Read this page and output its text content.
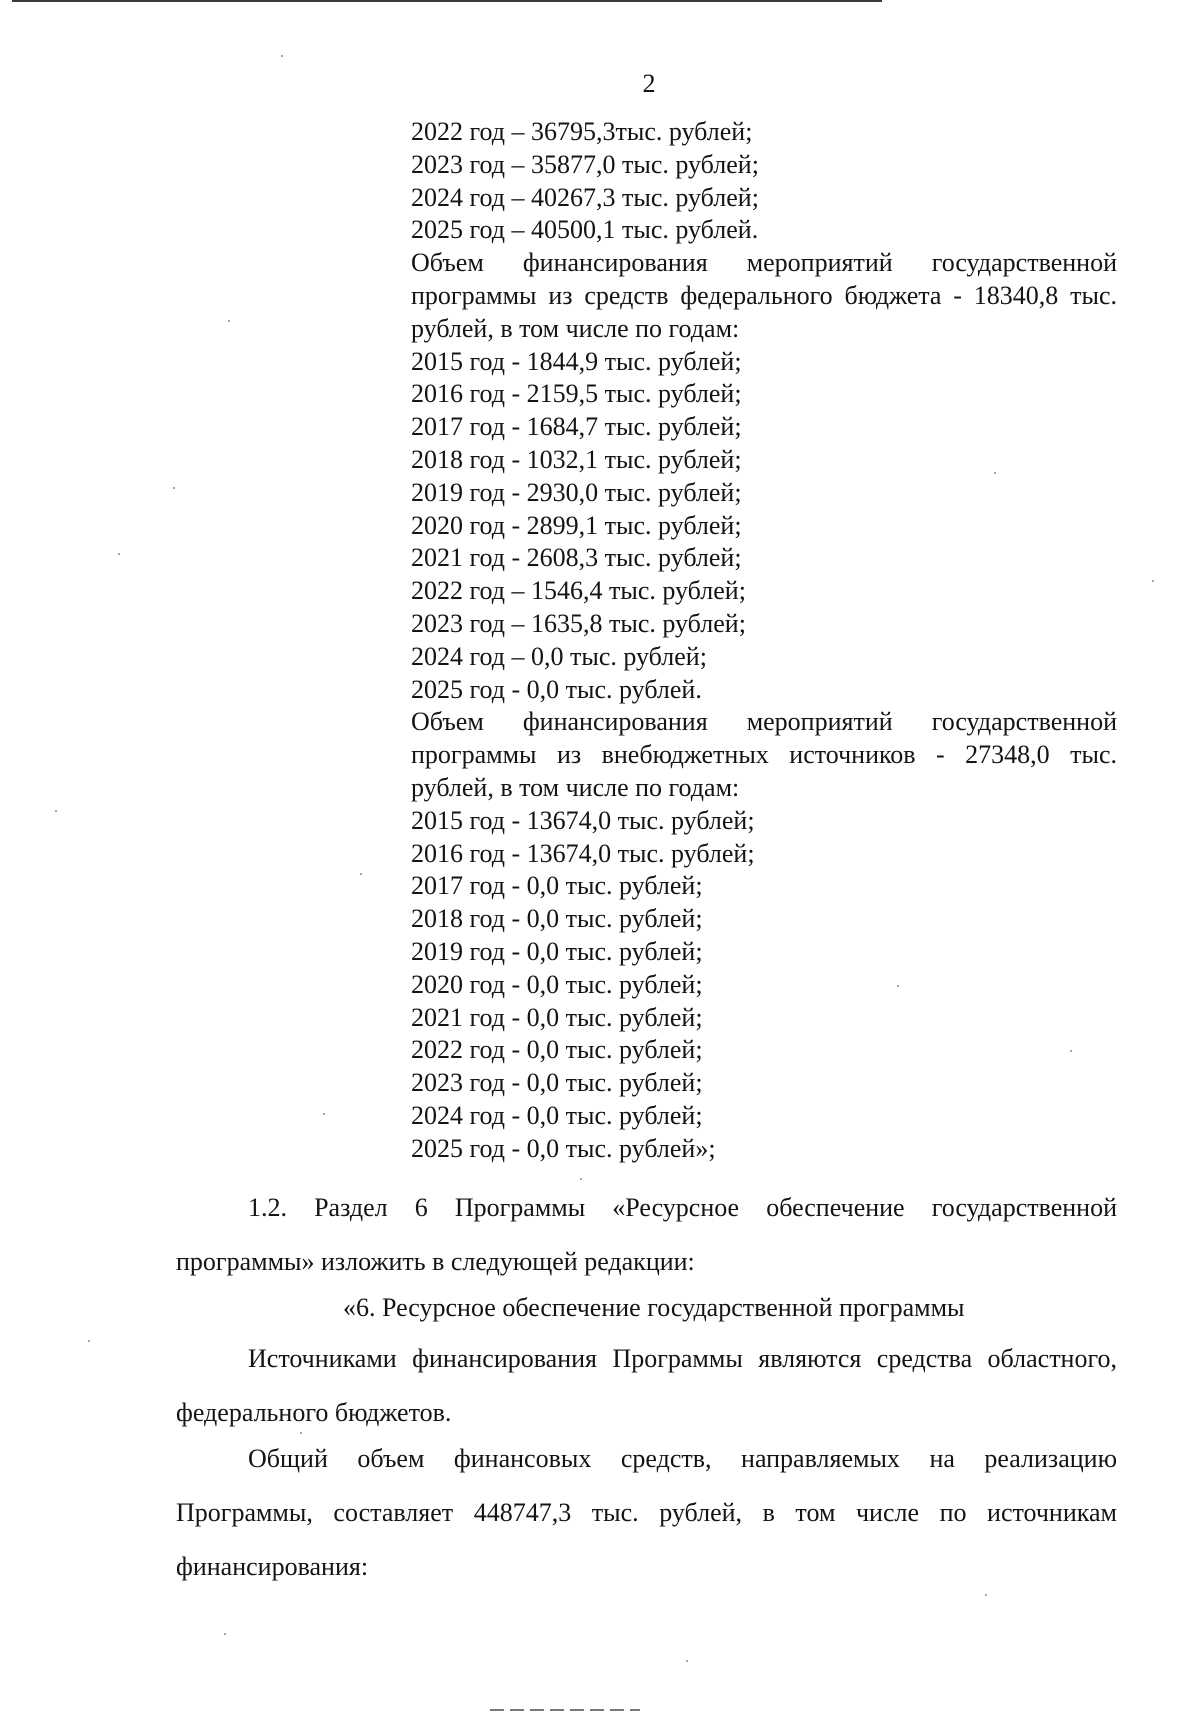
2
2022 год – 36795,3тыс. рублей;
2023 год – 35877,0 тыс. рублей;
2024 год – 40267,3 тыс. рублей;
2025 год – 40500,1 тыс. рублей.
Объем финансирования мероприятий государственной программы из средств федерального бюджета - 18340,8 тыс. рублей, в том числе по годам:
2015 год - 1844,9 тыс. рублей;
2016 год - 2159,5 тыс. рублей;
2017 год - 1684,7 тыс. рублей;
2018 год - 1032,1 тыс. рублей;
2019 год - 2930,0 тыс. рублей;
2020 год - 2899,1 тыс. рублей;
2021 год - 2608,3 тыс. рублей;
2022 год – 1546,4 тыс. рублей;
2023 год – 1635,8 тыс. рублей;
2024 год – 0,0 тыс. рублей;
2025 год - 0,0 тыс. рублей.
Объем финансирования мероприятий государственной программы из внебюджетных источников - 27348,0 тыс. рублей, в том числе по годам:
2015 год - 13674,0 тыс. рублей;
2016 год - 13674,0 тыс. рублей;
2017 год - 0,0 тыс. рублей;
2018 год - 0,0 тыс. рублей;
2019 год - 0,0 тыс. рублей;
2020 год - 0,0 тыс. рублей;
2021 год - 0,0 тыс. рублей;
2022 год - 0,0 тыс. рублей;
2023 год - 0,0 тыс. рублей;
2024 год - 0,0 тыс. рублей;
2025 год - 0,0 тыс. рублей»;
1.2. Раздел 6 Программы «Ресурсное обеспечение государственной программы» изложить в следующей редакции:
«6. Ресурсное обеспечение государственной программы
Источниками финансирования Программы являются средства областного, федерального бюджетов.
Общий объем финансовых средств, направляемых на реализацию Программы, составляет 448747,3 тыс. рублей, в том числе по источникам финансирования:
